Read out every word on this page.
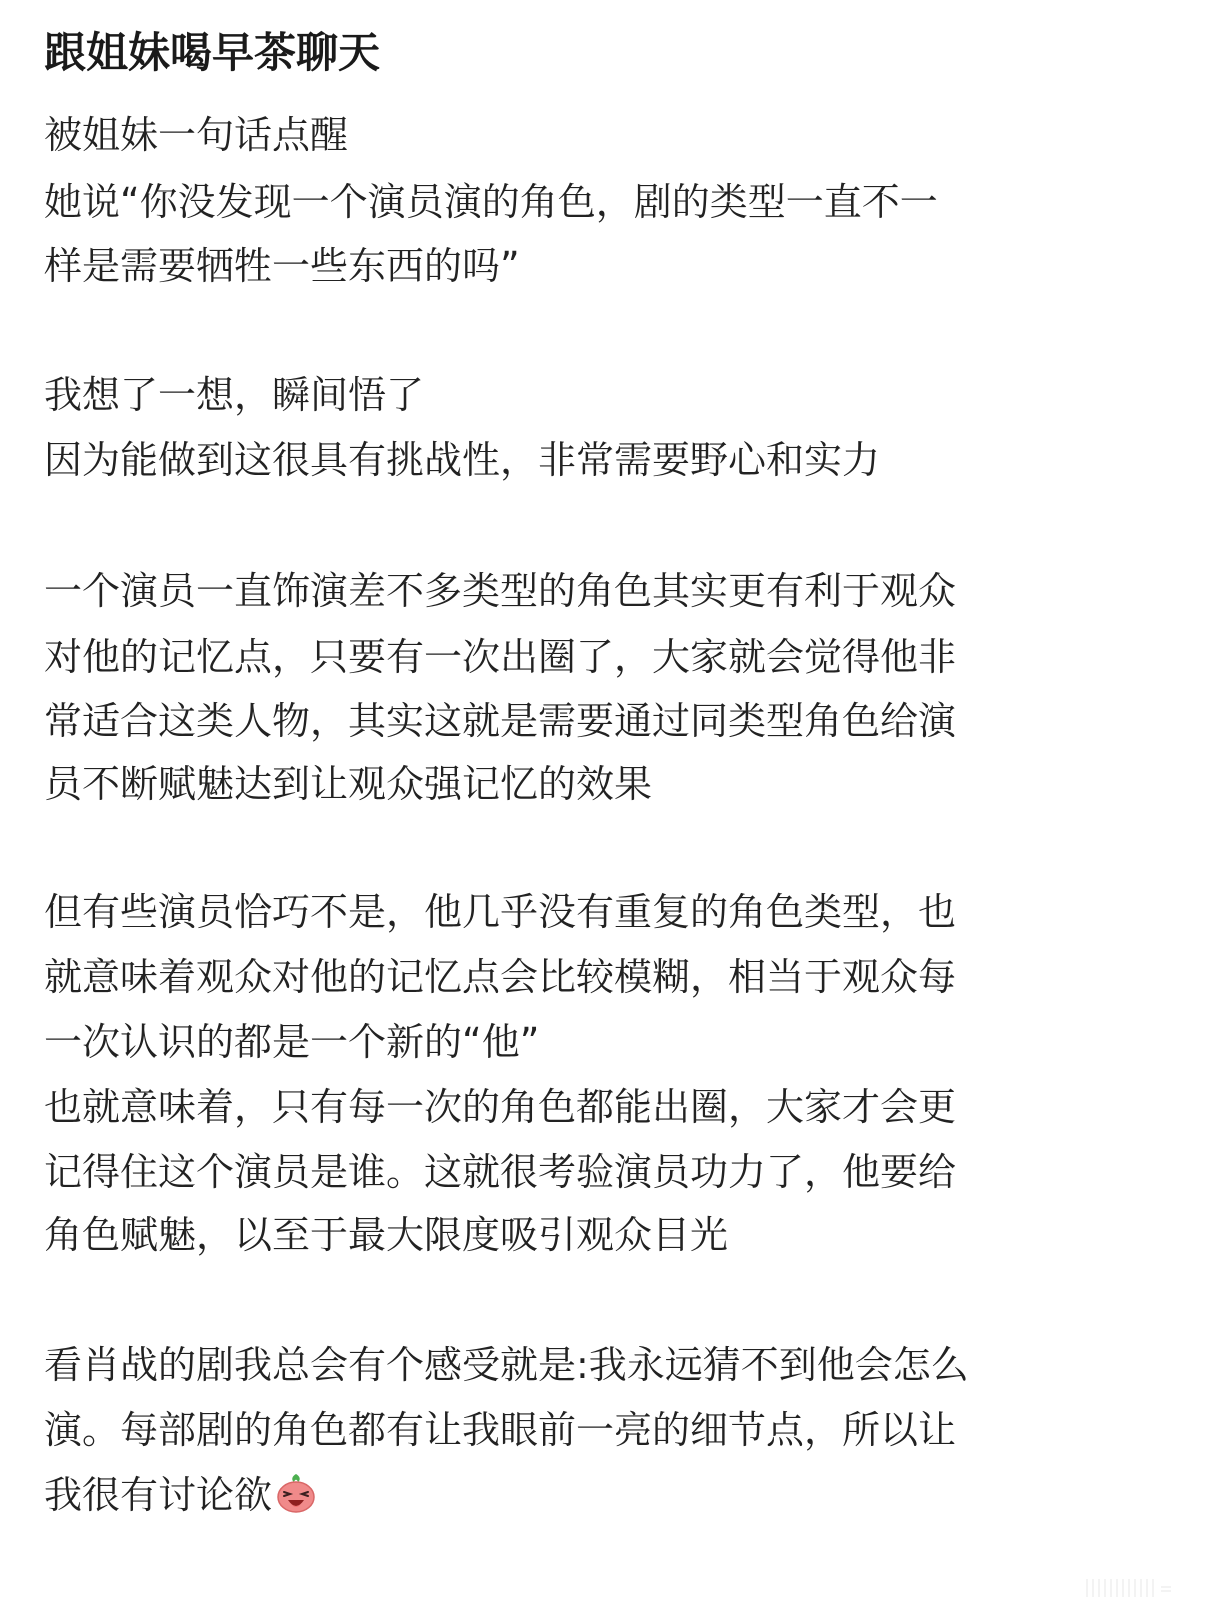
跟姐妹喝早茶聊天
被姐妹一句话点醒
她说“你没发现一个演员演的角色，剧的类型一直不一
样是需要牺牲一些东西的吗”
我想了一想，瞬间悟了
因为能做到这很具有挑战性，非常需要野心和实力
一个演员一直饰演差不多类型的角色其实更有利于观众
对他的记忆点，只要有一次出圈了，大家就会觉得他非
常适合这类人物，其实这就是需要通过同类型角色给演
员不断赋魅达到让观众强记忆的效果
但有些演员恰巧不是，他几乎没有重复的角色类型，也
就意味着观众对他的记忆点会比较模糊，相当于观众每
一次认识的都是一个新的“他”
也就意味着，只有每一次的角色都能出圈，大家才会更
记得住这个演员是谁。这就很考验演员功力了，他要给
角色赋魅，以至于最大限度吸引观众目光
看肖战的剧我总会有个感受就是:我永远猜不到他会怎么
演。每部剧的角色都有让我眼前一亮的细节点，所以让
我很有讨论欲
